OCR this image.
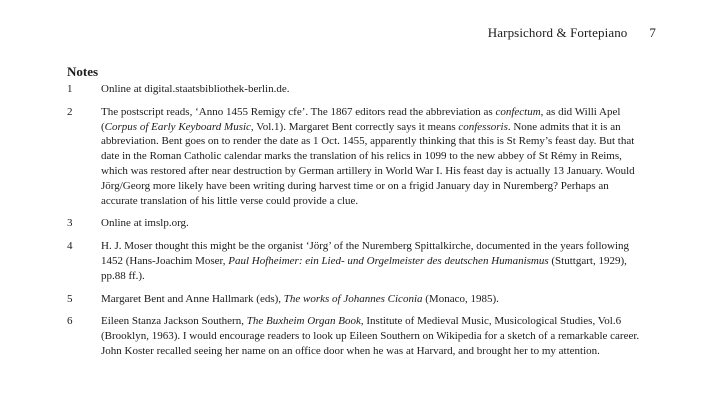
Harpsichord & Fortepiano 7
Notes
1	Online at digital.staatsbibliothek-berlin.de.
2	The postscript reads, ‘Anno 1455 Remigy cfe’. The 1867 editors read the abbreviation as confectum, as did Willi Apel (Corpus of Early Keyboard Music, Vol.1). Margaret Bent correctly says it means confessoris. None admits that it is an abbreviation. Bent goes on to render the date as 1 Oct. 1455, apparently thinking that this is St Remy’s feast day. But that date in the Roman Catholic calendar marks the translation of his relics in 1099 to the new abbey of St Rémy in Reims, which was restored after near destruction by German artillery in World War I. His feast day is actually 13 January. Would Jörg/Georg more likely have been writing during harvest time or on a frigid January day in Nuremberg? Perhaps an accurate translation of his little verse could provide a clue.
3	Online at imslp.org.
4	H. J. Moser thought this might be the organist ‘Jörg’ of the Nuremberg Spittalkirche, documented in the years following 1452 (Hans-Joachim Moser, Paul Hofheimer: ein Lied- und Orgelmeister des deutschen Humanismus (Stuttgart, 1929), pp.88 ff.).
5	Margaret Bent and Anne Hallmark (eds), The works of Johannes Ciconia (Monaco, 1985).
6	Eileen Stanza Jackson Southern, The Buxheim Organ Book, Institute of Medieval Music, Musicological Studies, Vol.6 (Brooklyn, 1963). I would encourage readers to look up Eileen Southern on Wikipedia for a sketch of a remarkable career. John Koster recalled seeing her name on an office door when he was at Harvard, and brought her to my attention.
